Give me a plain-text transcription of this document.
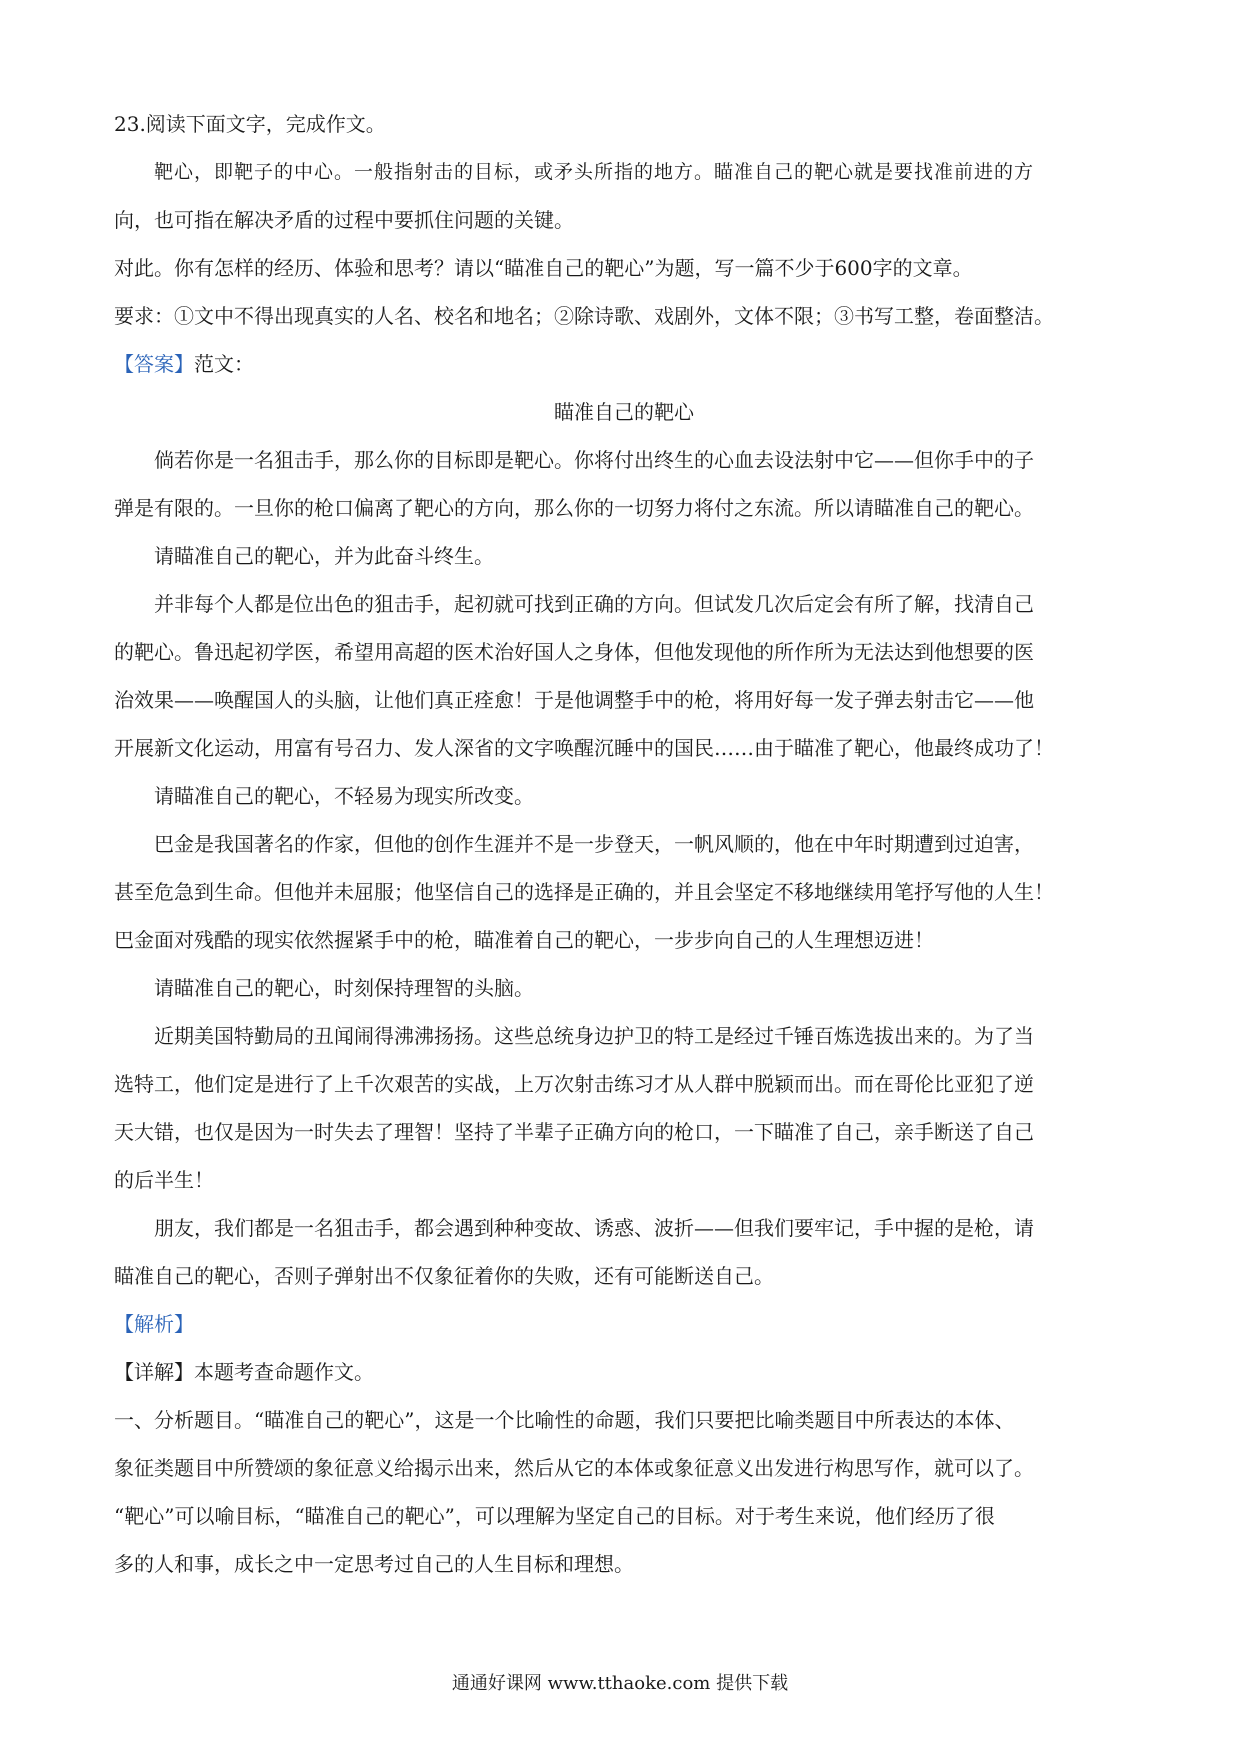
23.阅读下面文字，完成作文。
靶心，即靶子的中心。一般指射击的目标，或矛头所指的地方。瞄准自己的靶心就是要找准前进的方
向，也可指在解决矛盾的过程中要抓住问题的关键。
对此。你有怎样的经历、体验和思考？请以“瞄准自己的靶心”为题，写一篇不少于600字的文章。
要求：①文中不得出现真实的人名、校名和地名；②除诗歌、戏剧外，文体不限；③书写工整，卷面整洁。
【答案】范文：
瞄准自己的靶心
倘若你是一名狙击手，那么你的目标即是靶心。你将付出终生的心血去设法射中它——但你手中的子
弹是有限的。一旦你的枪口偏离了靶心的方向，那么你的一切努力将付之东流。所以请瞄准自己的靶心。
请瞄准自己的靶心，并为此奋斗终生。
并非每个人都是位出色的狙击手，起初就可找到正确的方向。但试发几次后定会有所了解，找清自己
的靶心。鲁迅起初学医，希望用高超的医术治好国人之身体，但他发现他的所作所为无法达到他想要的医
治效果——唤醒国人的头脑，让他们真正痊愈！于是他调整手中的枪，将用好每一发子弹去射击它——他
开展新文化运动，用富有号召力、发人深省的文字唤醒沉睡中的国民……由于瞄准了靶心，他最终成功了！
请瞄准自己的靶心，不轻易为现实所改变。
巴金是我国著名的作家，但他的创作生涯并不是一步登天，一帆风顺的，他在中年时期遭到过迫害，
甚至危急到生命。但他并未屈服；他坚信自己的选择是正确的，并且会坚定不移地继续用笔抒写他的人生！
巴金面对残酷的现实依然握紧手中的枪，瞄准着自己的靶心，一步步向自己的人生理想迈进！
请瞄准自己的靶心，时刻保持理智的头脑。
近期美国特勤局的丑闻闹得沸沸扬扬。这些总统身边护卫的特工是经过千锤百炼选拔出来的。为了当
选特工，他们定是进行了上千次艰苦的实战，上万次射击练习才从人群中脱颖而出。而在哥伦比亚犯了逆
天大错，也仅是因为一时失去了理智！坚持了半辈子正确方向的枪口，一下瞄准了自己，亲手断送了自己
的后半生！
朋友，我们都是一名狙击手，都会遇到种种变故、诱惑、波折——但我们要牢记，手中握的是枪，请
瞄准自己的靶心，否则子弹射出不仅象征着你的失败，还有可能断送自己。
【解析】
【详解】本题考查命题作文。
一、分析题目。“瞄准自己的靶心”，这是一个比喻性的命题，我们只要把比喻类题目中所表达的本体、
象征类题目中所赞颂的象征意义给揭示出来，然后从它的本体或象征意义出发进行构思写作，就可以了。
“靶心”可以喻目标，“瞄准自己的靶心”，可以理解为坚定自己的目标。对于考生来说，他们经历了很
多的人和事，成长之中一定思考过自己的人生目标和理想。
通通好课网 www.tthaoke.com 提供下载
